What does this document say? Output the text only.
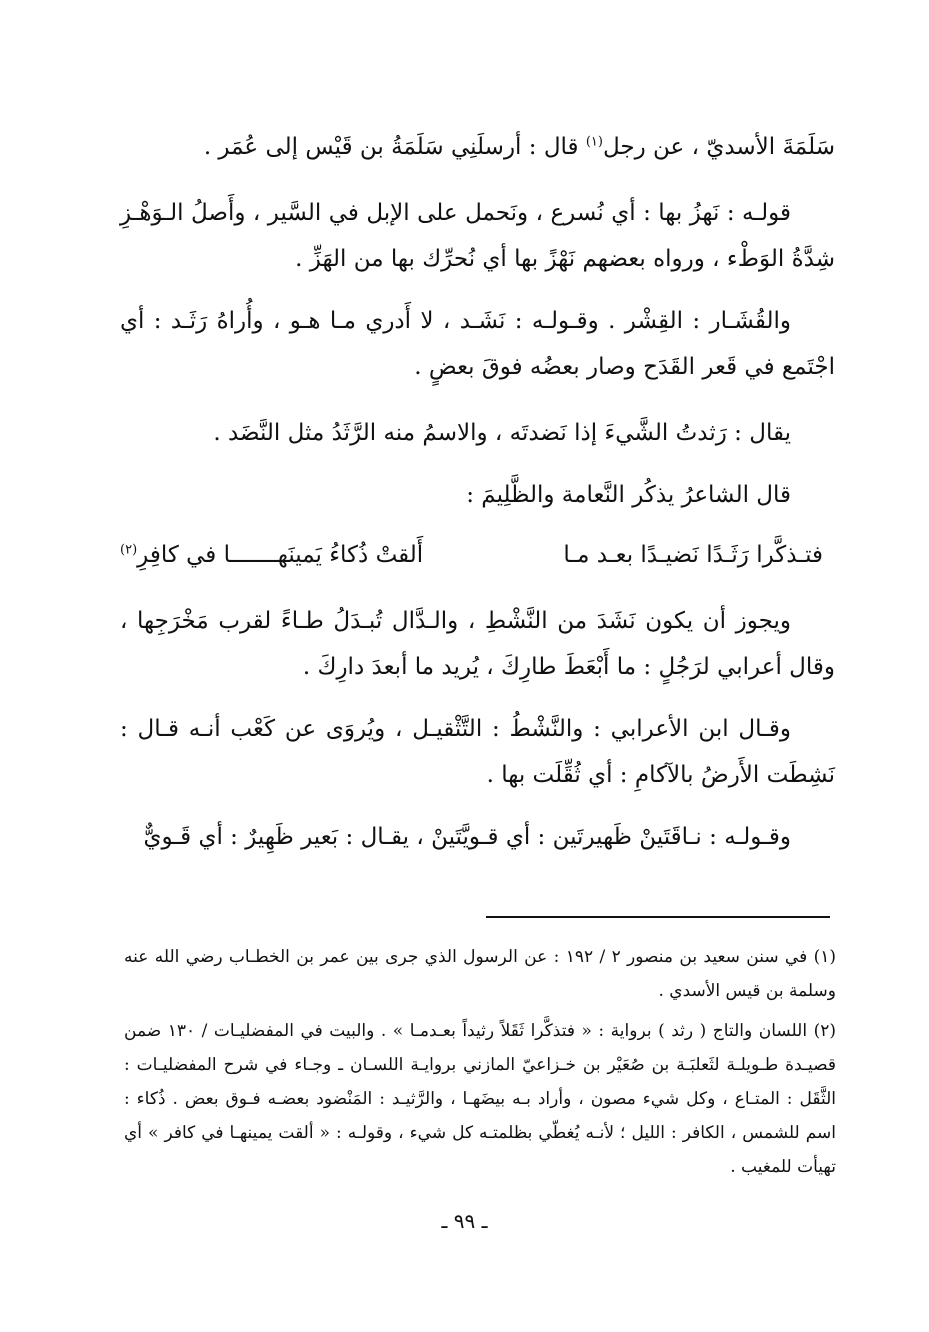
سَلَمَةَ الأسديّ ، عن رجل$^{(١)}$ قال : أرسلَنِي سَلَمَةُ بن قَيْس إلى عُمَر .

قولـه : نَهزُ بها : أي نُسرع ، ونَحمل على الإبل في السَّير ، وأَصلُ الـوَهْـزِ شِدَّةُ الوَطْء ، ورواه بعضهم نَهْزً بها أي نُحرِّك بها من الهَزِّ .

والقُشَـار : القِشْر . وقـولـه : نَشَـد ، لا أَدري مـا هـو ، وأُراهُ رَثَـد : أي اجْتَمع في قَعر القَدَح وصار بعضُه فوقَ بعضٍ .

يقال : رَثدتُ الشَّيءَ إذا نَضدتَه ، والاسمُ منه الرَّثَدُ مثل النَّضَد .

قال الشاعرُ يذكُر النَّعامة والظَّلِيمَ :

فتـذكَّرا رَثَـدًا نَضيـدًا بعـد مـا
أَلقتْ ذُكاءُ يَمينَهـــــــا في كافِرِ$^{(٢)}$

ويجوز أن يكون نَشَدَ من النَّشْطِ ، والـدَّال تُبـدَلُ طـاءً لقرب مَخْرَجِها ، وقال أعرابي لرَجُلٍ : ما أَبْعَطَ طارِكَ ، يُريد ما أبعدَ دارِكَ .

وقـال ابن الأعرابي : والنَّشْطُ : التَّثْقيـل ، ويُروَى عن كَعْب أنـه قـال : نَشِطَت الأَرضُ بالآكامِ : أي ثُقِّلَت بها .

وقـولـه : نـاقَتَينْ ظَهيرتَين : أي قـويَّتَينْ ، يقـال : بَعير ظَهِيرٌ : أي قَـويٌّ

(١) في سنن سعيد بن منصور ٢ / ١٩٢ : عن الرسول الذي جرى بين عمر بن الخطـاب رضي الله عنه وسلمة بن قيس الأسدي .

(٢) اللسان والتاج ( رثد ) برواية : « فتذكَّرا ثَقَلاً رثيداً بعـدمـا » . والبيت في المفضليـات / ١٣٠ ضمن قصيـدة طـويلـة لثَعلبَـة بن صُعَيْر بن خـزاعيّ المازني بروايـة اللسـان ـ وجـاء في شرح المفضليـات : الثَّقَل : المتـاع ، وكل شيء مصون ، وأراد بـه بيضَهـا ، والرَّثيـد : المَنْضود بعضـه فـوق بعض . ذُكاء : اسم للشمس ، الكافر : الليل ؛ لأنـه يُغطّي بظلمتـه كل شيء ، وقولـه : « ألقت يمينهـا في كافر » أي تهيأت للمغيب .

ـ ٩٩ ـ
